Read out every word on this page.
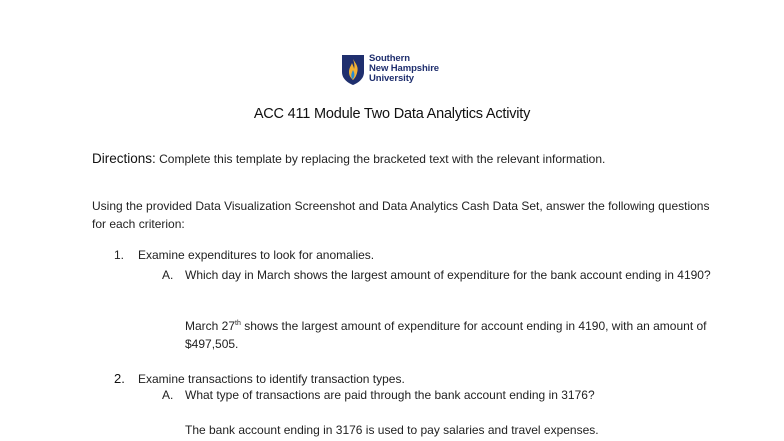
Southern
New Hampshire
University
ACC 411 Module Two Data Analytics Activity
Directions: Complete this template by replacing the bracketed text with the relevant information.
Using the provided Data Visualization Screenshot and Data Analytics Cash Data Set, answer the following questions for each criterion:
1. Examine expenditures to look for anomalies.
A. Which day in March shows the largest amount of expenditure for the bank account ending in 4190?
March 27th shows the largest amount of expenditure for account ending in 4190, with an amount of $497,505.
2. Examine transactions to identify transaction types.
A. What type of transactions are paid through the bank account ending in 3176?
The bank account ending in 3176 is used to pay salaries and travel expenses.
